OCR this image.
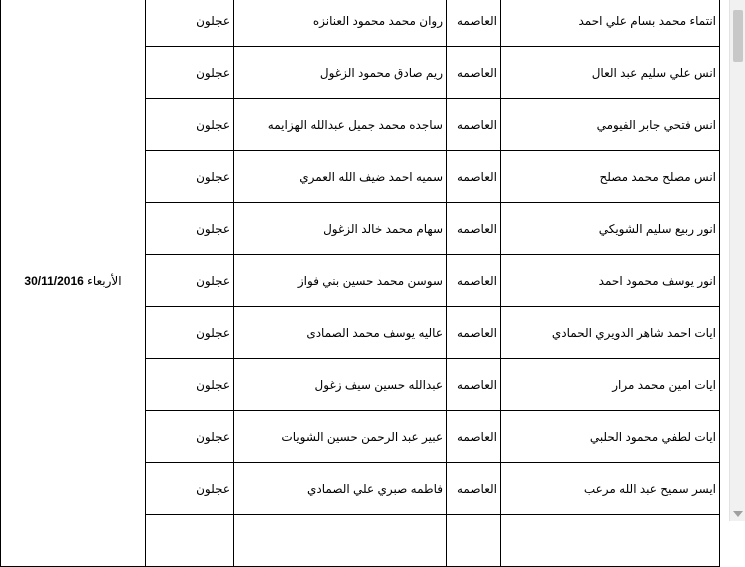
الأربعاء 30/11/2016	عجلون	روان محمد محمود العنانزه	العاصمه	انتماء محمد بسام علي احمد
	عجلون	ريم صادق محمود الزغول	العاصمه	انس علي سليم عبد العال
	عجلون	ساجده محمد جميل عبدالله الهزايمه	العاصمه	انس فتحي جابر الفيومي
	عجلون	سميه احمد ضيف الله العمري	العاصمه	انس مصلح محمد مصلح
	عجلون	سهام محمد خالد الزغول	العاصمه	انور ربيع سليم الشويكي
	عجلون	سوسن محمد حسين بني فواز	العاصمه	انور يوسف محمود احمد
	عجلون	عاليه يوسف محمد الصمادى	العاصمه	ايات احمد شاهر الدويري الحمادي
	عجلون	عبدالله حسين سيف زغول	العاصمه	ايات امين محمد مرار
	عجلون	عبير عبد الرحمن حسين الشويات	العاصمه	ايات لطفي محمود الحلبي
	عجلون	فاطمه صبري علي الصمادي	العاصمه	ايسر سميح عبد الله مرعب
